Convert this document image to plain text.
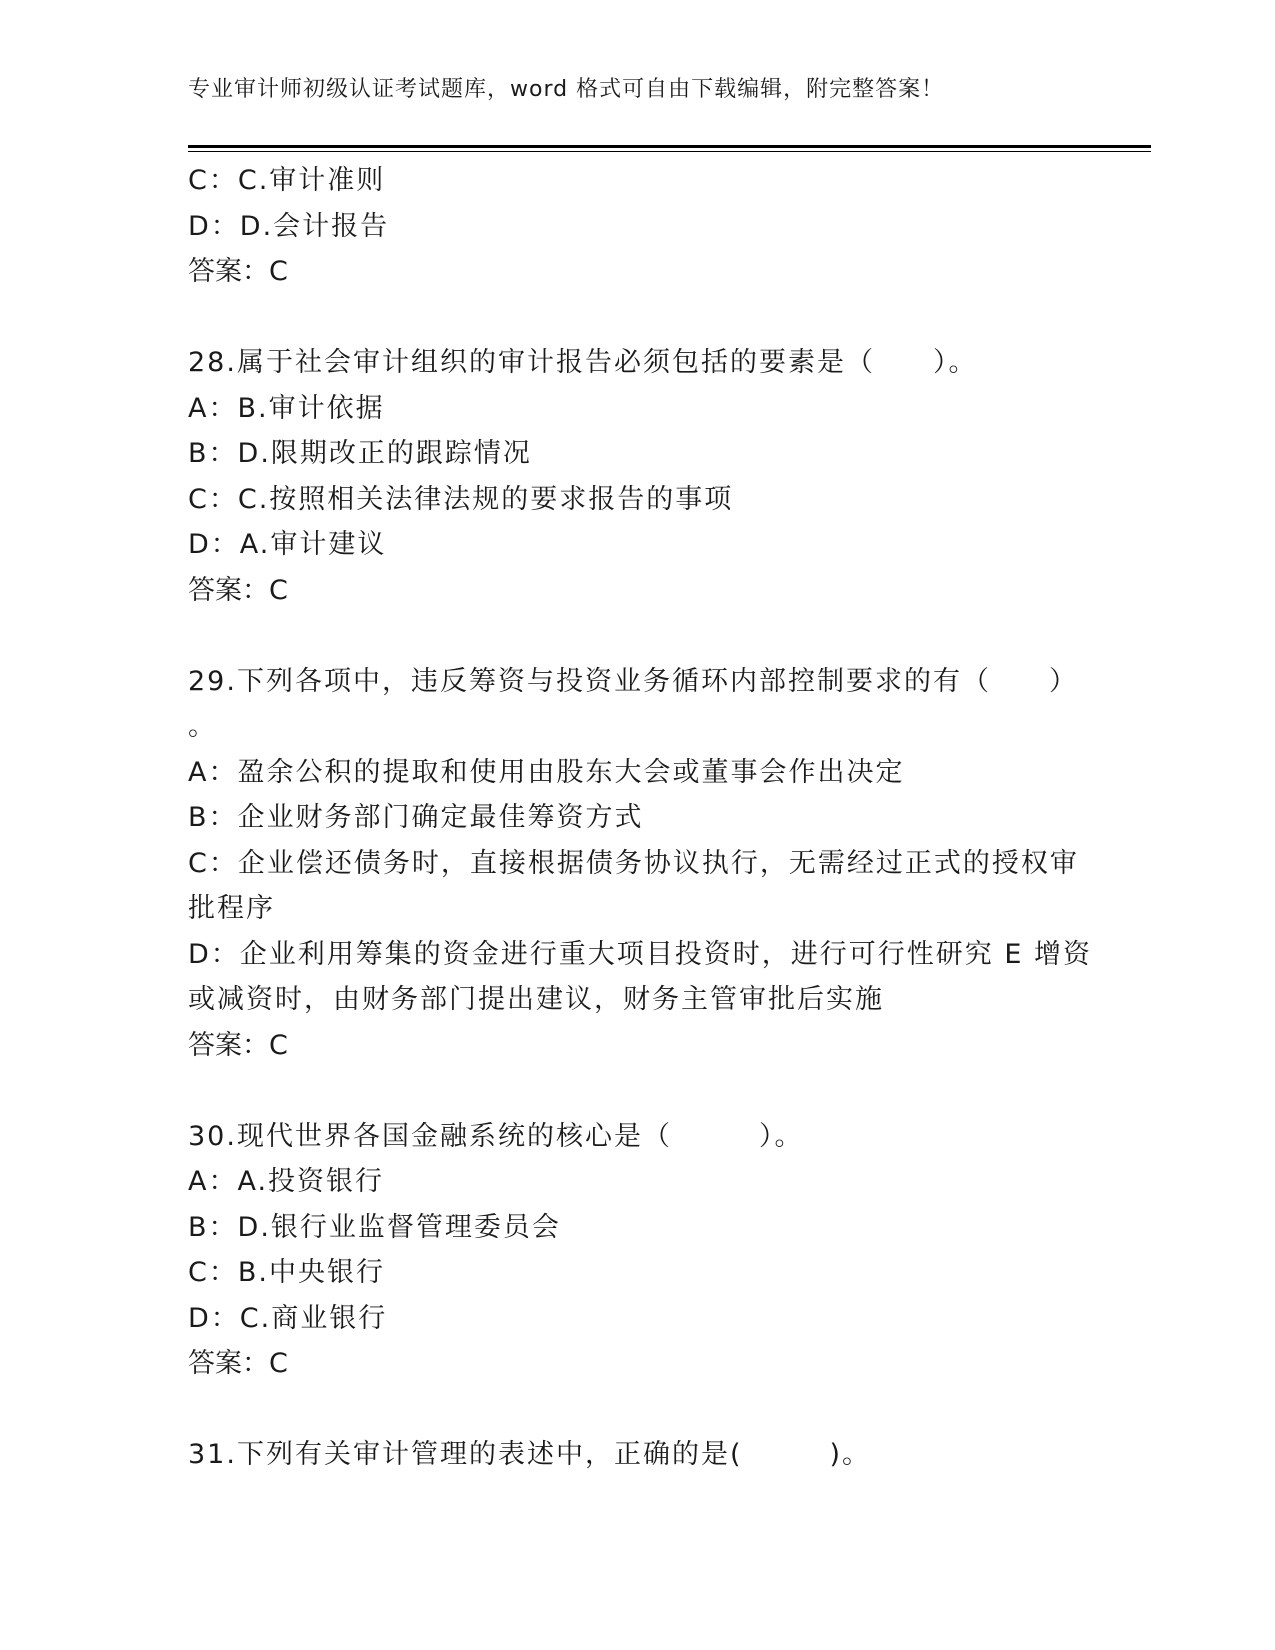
专业审计师初级认证考试题库，word 格式可自由下载编辑，附完整答案！
C：C.审计准则
D：D.会计报告
答案：C
28.属于社会审计组织的审计报告必须包括的要素是（　　）。
A：B.审计依据
B：D.限期改正的跟踪情况
C：C.按照相关法律法规的要求报告的事项
D：A.审计建议
答案：C
29.下列各项中，违反筹资与投资业务循环内部控制要求的有（　　）
。
A：盈余公积的提取和使用由股东大会或董事会作出决定
B：企业财务部门确定最佳筹资方式
C：企业偿还债务时，直接根据债务协议执行，无需经过正式的授权审
批程序
D：企业利用筹集的资金进行重大项目投资时，进行可行性研究 E 增资
或减资时，由财务部门提出建议，财务主管审批后实施
答案：C
30.现代世界各国金融系统的核心是（　　　）。
A：A.投资银行
B：D.银行业监督管理委员会
C：B.中央银行
D：C.商业银行
答案：C
31.下列有关审计管理的表述中，正确的是(　　　)。
